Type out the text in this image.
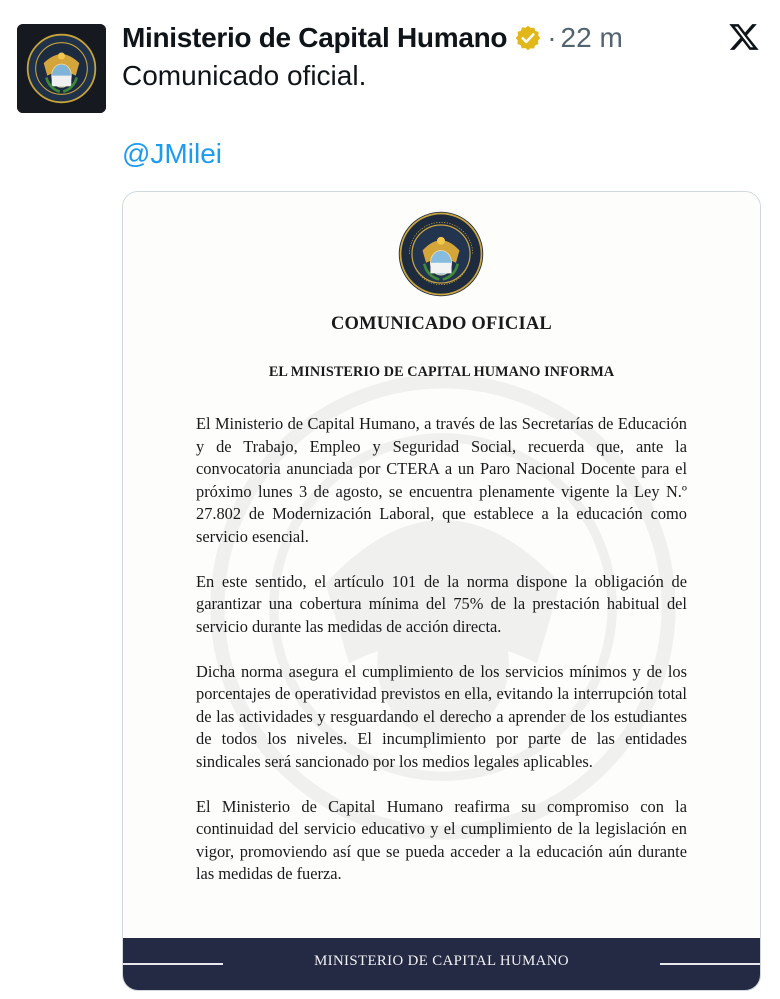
Ministerio de Capital Humano · 22 m
Comunicado oficial.
@JMilei
COMUNICADO OFICIAL
EL MINISTERIO DE CAPITAL HUMANO INFORMA

El Ministerio de Capital Humano, a través de las Secretarías de Educación y de Trabajo, Empleo y Seguridad Social, recuerda que, ante la convocatoria anunciada por CTERA a un Paro Nacional Docente para el próximo lunes 3 de agosto, se encuentra plenamente vigente la Ley N.º 27.802 de Modernización Laboral, que establece a la educación como servicio esencial.

En este sentido, el artículo 101 de la norma dispone la obligación de garantizar una cobertura mínima del 75% de la prestación habitual del servicio durante las medidas de acción directa.

Dicha norma asegura el cumplimiento de los servicios mínimos y de los porcentajes de operatividad previstos en ella, evitando la interrupción total de las actividades y resguardando el derecho a aprender de los estudiantes de todos los niveles. El incumplimiento por parte de las entidades sindicales será sancionado por los medios legales aplicables.

El Ministerio de Capital Humano reafirma su compromiso con la continuidad del servicio educativo y el cumplimiento de la legislación en vigor, promoviendo así que se pueda acceder a la educación aún durante las medidas de fuerza.

MINISTERIO DE CAPITAL HUMANO
